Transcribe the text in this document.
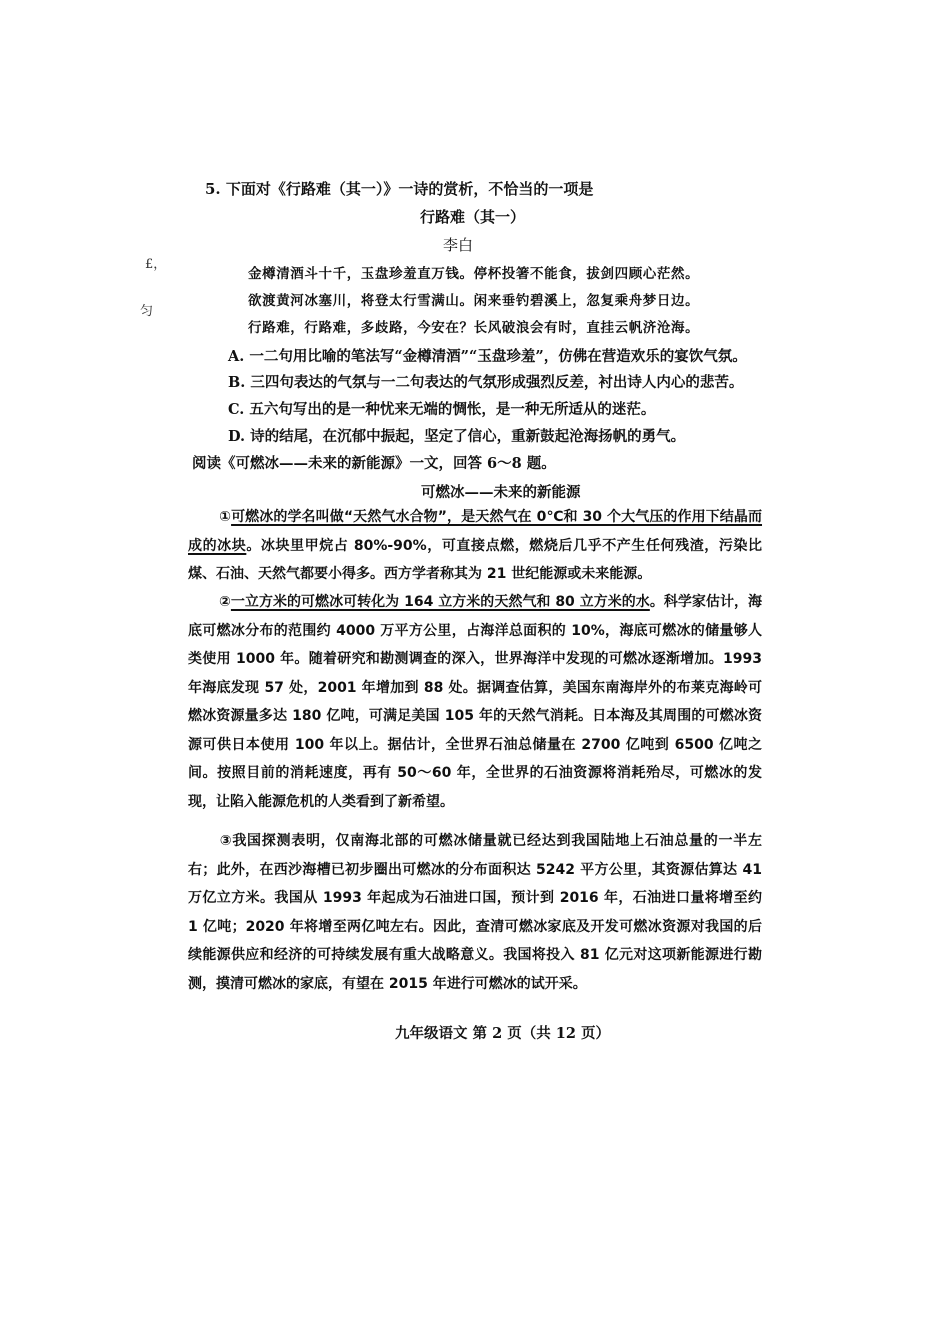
£，
匀
5. 下面对《行路难（其一）》一诗的赏析，不恰当的一项是
行路难（其一）
李白
金樽清酒斗十千，玉盘珍羞直万钱。停杯投箸不能食，拔剑四顾心茫然。
欲渡黄河冰塞川，将登太行雪满山。闲来垂钓碧溪上，忽复乘舟梦日边。
行路难，行路难，多歧路，今安在？长风破浪会有时，直挂云帆济沧海。
A. 一二句用比喻的笔法写“金樽清酒”“玉盘珍羞”，仿佛在营造欢乐的宴饮气氛。
B. 三四句表达的气氛与一二句表达的气氛形成强烈反差，衬出诗人内心的悲苦。
C. 五六句写出的是一种忧来无端的惆怅，是一种无所适从的迷茫。
D. 诗的结尾，在沉郁中振起，坚定了信心，重新鼓起沧海扬帆的勇气。
阅读《可燃冰——未来的新能源》一文，回答 6～8 题。
可燃冰——未来的新能源
①可燃冰的学名叫做“天然气水合物”，是天然气在 0℃和 30 个大气压的作用下结晶而成的冰块。冰块里甲烷占 80%-90%，可直接点燃，燃烧后几乎不产生任何残渣，污染比煤、石油、天然气都要小得多。西方学者称其为 21 世纪能源或未来能源。
②一立方米的可燃冰可转化为 164 立方米的天然气和 80 立方米的水。科学家估计，海底可燃冰分布的范围约 4000 万平方公里，占海洋总面积的 10%，海底可燃冰的储量够人类使用 1000 年。随着研究和勘测调查的深入，世界海洋中发现的可燃冰逐渐增加。1993 年海底发现 57 处，2001 年增加到 88 处。据调查估算，美国东南海岸外的布莱克海岭可燃冰资源量多达 180 亿吨，可满足美国 105 年的天然气消耗。日本海及其周围的可燃冰资源可供日本使用 100 年以上。据估计，全世界石油总储量在 2700 亿吨到 6500 亿吨之间。按照目前的消耗速度，再有 50～60 年，全世界的石油资源将消耗殆尽，可燃冰的发现，让陷入能源危机的人类看到了新希望。
③我国探测表明，仅南海北部的可燃冰储量就已经达到我国陆地上石油总量的一半左右；此外，在西沙海槽已初步圈出可燃冰的分布面积达 5242 平方公里，其资源估算达 41 万亿立方米。我国从 1993 年起成为石油进口国，预计到 2016 年，石油进口量将增至约 1 亿吨；2020 年将增至两亿吨左右。因此，查清可燃冰家底及开发可燃冰资源对我国的后续能源供应和经济的可持续发展有重大战略意义。我国将投入 81 亿元对这项新能源进行勘测，摸清可燃冰的家底，有望在 2015 年进行可燃冰的试开采。
九年级语文 第 2 页（共 12 页）
